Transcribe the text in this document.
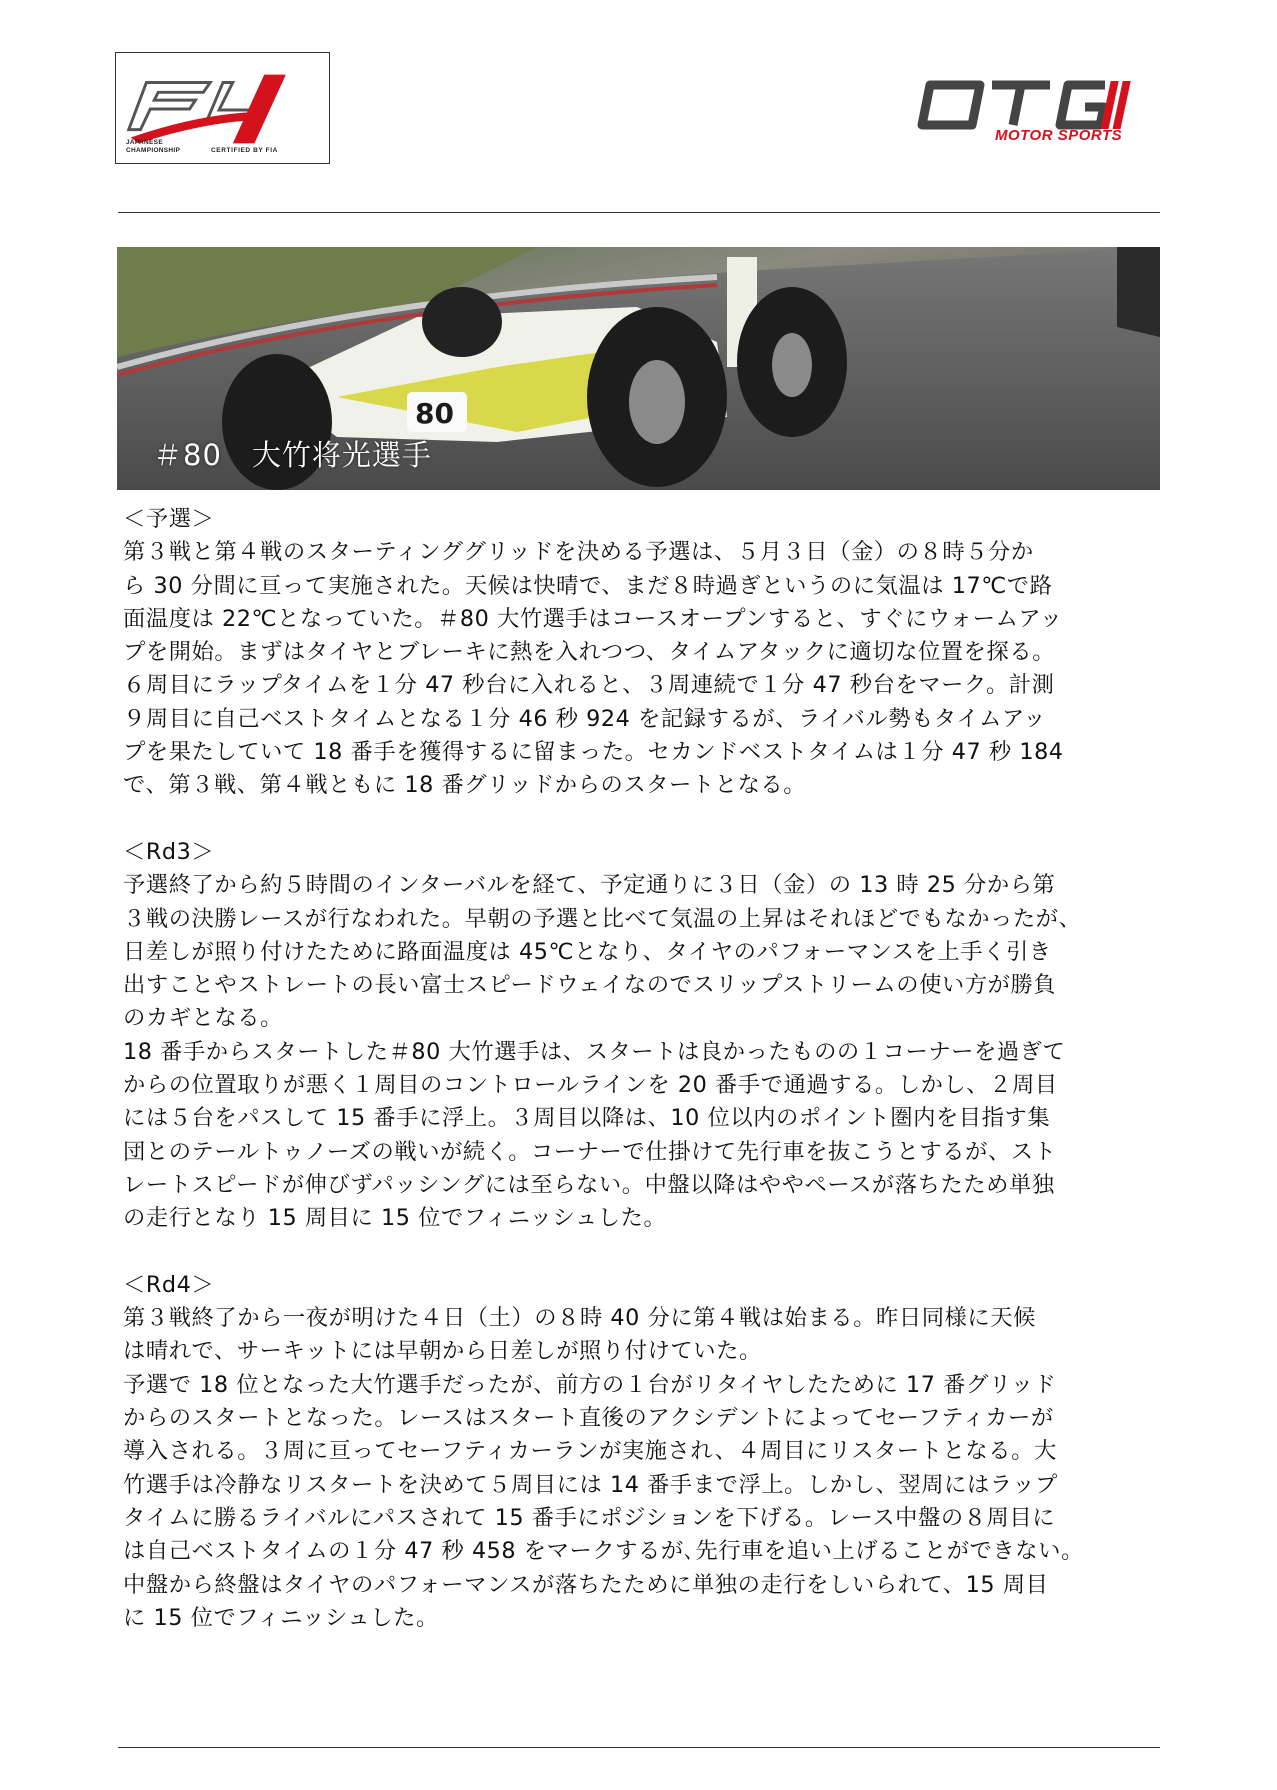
JAPANESE
CHAMPIONSHIP	CERTIFIED BY FIA
MOTOR SPORTS
80
＃80　大竹将光選手

＜予選＞

第３戦と第４戦のスターティンググリッドを決める予選は、５月３日（金）の８時５分か

ら 30 分間に亘って実施された。天候は快晴で、まだ８時過ぎというのに気温は 17℃で路

面温度は 22℃となっていた。＃80 大竹選手はコースオープンすると、すぐにウォームアッ

プを開始。まずはタイヤとブレーキに熱を入れつつ、タイムアタックに適切な位置を探る。

６周目にラップタイムを１分 47 秒台に入れると、３周連続で１分 47 秒台をマーク。計測

９周目に自己ベストタイムとなる１分 46 秒 924 を記録するが、ライバル勢もタイムアッ

プを果たしていて 18 番手を獲得するに留まった。セカンドベストタイムは１分 47 秒 184

で、第３戦、第４戦ともに 18 番グリッドからのスタートとなる。

＜Rd3＞

予選終了から約５時間のインターバルを経て、予定通りに３日（金）の 13 時 25 分から第

３戦の決勝レースが行なわれた。早朝の予選と比べて気温の上昇はそれほどでもなかったが、

日差しが照り付けたために路面温度は 45℃となり、タイヤのパフォーマンスを上手く引き

出すことやストレートの長い富士スピードウェイなのでスリップストリームの使い方が勝負

のカギとなる。

18 番手からスタートした＃80 大竹選手は、スタートは良かったものの１コーナーを過ぎて

からの位置取りが悪く１周目のコントロールラインを 20 番手で通過する。しかし、２周目

には５台をパスして 15 番手に浮上。３周目以降は、10 位以内のポイント圏内を目指す集

団とのテールトゥノーズの戦いが続く。コーナーで仕掛けて先行車を抜こうとするが、スト

レートスピードが伸びずパッシングには至らない。中盤以降はややペースが落ちたため単独

の走行となり 15 周目に 15 位でフィニッシュした。

＜Rd4＞

第３戦終了から一夜が明けた４日（土）の８時 40 分に第４戦は始まる。昨日同様に天候

は晴れで、サーキットには早朝から日差しが照り付けていた。

予選で 18 位となった大竹選手だったが、前方の１台がリタイヤしたために 17 番グリッド

からのスタートとなった。レースはスタート直後のアクシデントによってセーフティカーが

導入される。３周に亘ってセーフティカーランが実施され、４周目にリスタートとなる。大

竹選手は冷静なリスタートを決めて５周目には 14 番手まで浮上。しかし、翌周にはラップ

タイムに勝るライバルにパスされて 15 番手にポジションを下げる。レース中盤の８周目に

は自己ベストタイムの１分 47 秒 458 をマークするが､先行車を追い上げることができない。

中盤から終盤はタイヤのパフォーマンスが落ちたために単独の走行をしいられて、15 周目

に 15 位でフィニッシュした。
